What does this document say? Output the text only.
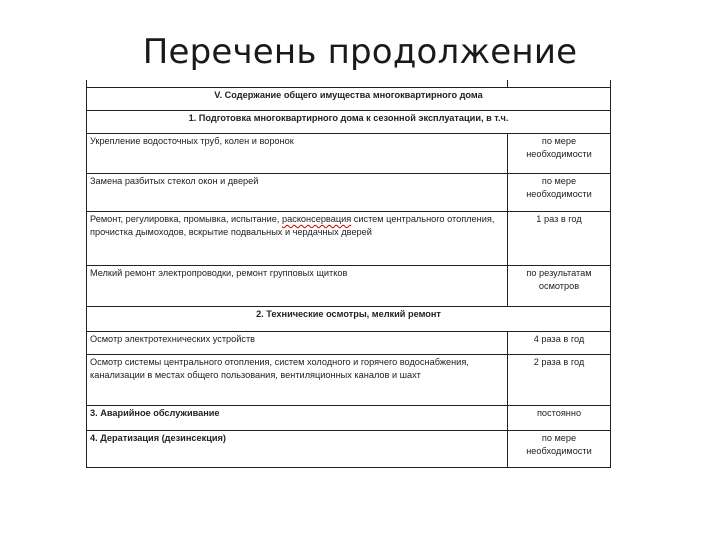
Перечень продолжение

V. Содержание общего имущества многоквартирного дома	
1. Подготовка многоквартирного дома к сезонной эксплуатации, в т.ч.	
Укрепление водосточных труб, колен и воронок	по мере необходимости
Замена разбитых стекол окон и дверей	по мере необходимости
Ремонт, регулировка, промывка, испытание, расконсервация систем центрального отопления, прочистка дымоходов, вскрытие подвальных и чердачных дверей	1 раз в год
Мелкий ремонт электропроводки, ремонт групповых щитков	по результатам осмотров
2. Технические осмотры, мелкий ремонт	
Осмотр электротехнических устройств	4 раза в год
Осмотр системы центрального отопления, систем холодного и горячего водоснабжения, канализации в местах общего пользования, вентиляционных каналов и шахт	2 раза в год
3. Аварийное обслуживание	постоянно
4. Дератизация (дезинсекция)	по мере необходимости
